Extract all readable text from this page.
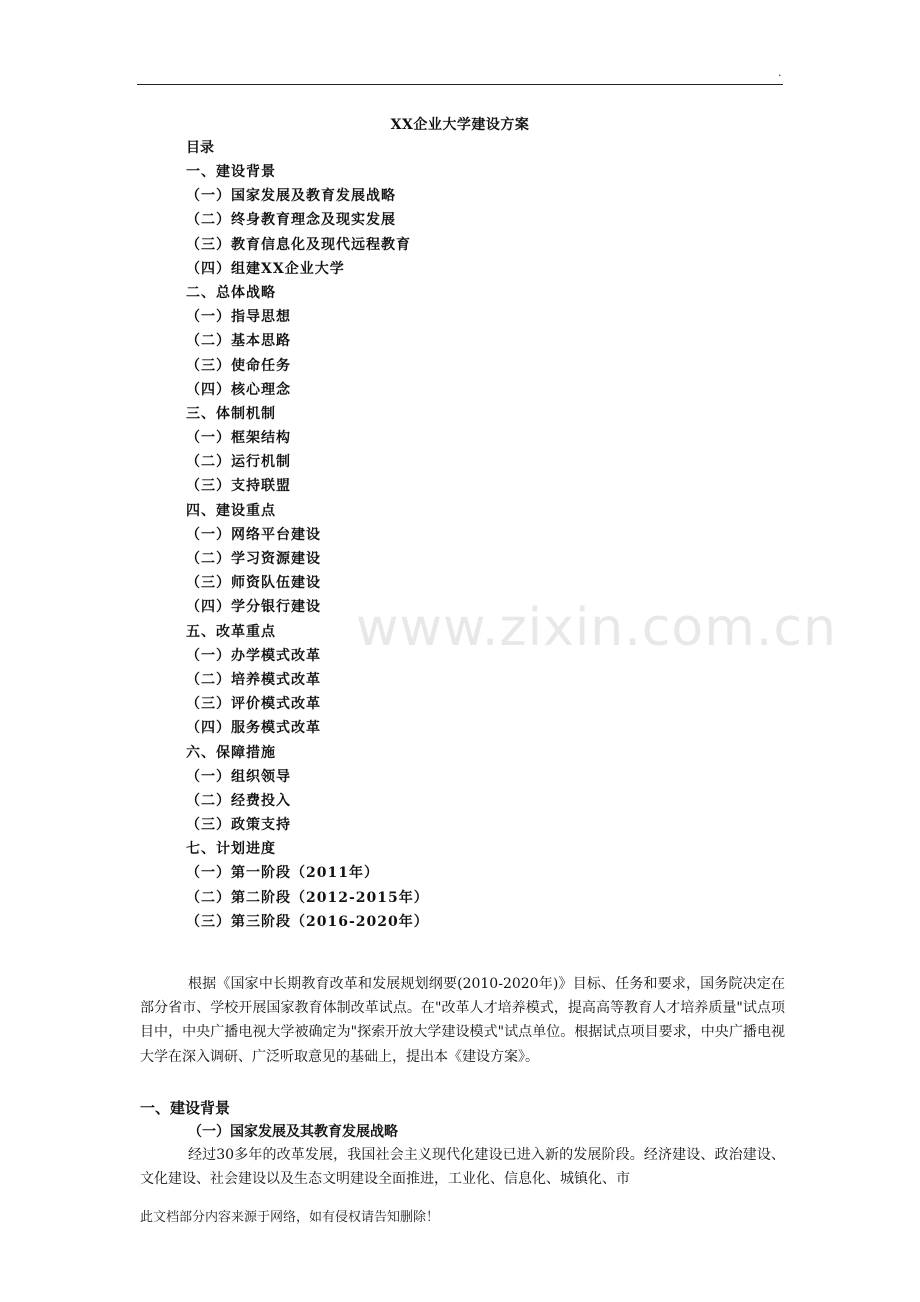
.
XX企业大学建设方案
目录
一、建设背景
（一）国家发展及教育发展战略
（二）终身教育理念及现实发展
（三）教育信息化及现代远程教育
（四）组建XX企业大学
二、总体战略
（一）指导思想
（二）基本思路
（三）使命任务
（四）核心理念
三、体制机制
（一）框架结构
（二）运行机制
（三）支持联盟
四、建设重点
（一）网络平台建设
（二）学习资源建设
（三）师资队伍建设
（四）学分银行建设
五、改革重点
（一）办学模式改革
（二）培养模式改革
（三）评价模式改革
（四）服务模式改革
六、保障措施
（一）组织领导
（二）经费投入
（三）政策支持
七、计划进度
（一）第一阶段（2011年）
（二）第二阶段（2012-2015年）
（三）第三阶段（2016-2020年）
www.zixin.com.cn

根据《国家中长期教育改革和发展规划纲要(2010-2020年)》目标、任务和要求，国务院决定在部分省市、学校开展国家教育体制改革试点。在"改革人才培养模式，提高高等教育人才培养质量"试点项目中，中央广播电视大学被确定为"探索开放大学建设模式"试点单位。根据试点项目要求，中央广播电视大学在深入调研、广泛听取意见的基础上，提出本《建设方案》。

一、建设背景
（一）国家发展及其教育发展战略

经过30多年的改革发展，我国社会主义现代化建设已进入新的发展阶段。经济建设、政治建设、文化建设、社会建设以及生态文明建设全面推进，工业化、信息化、城镇化、市

此文档部分内容来源于网络，如有侵权请告知删除！
